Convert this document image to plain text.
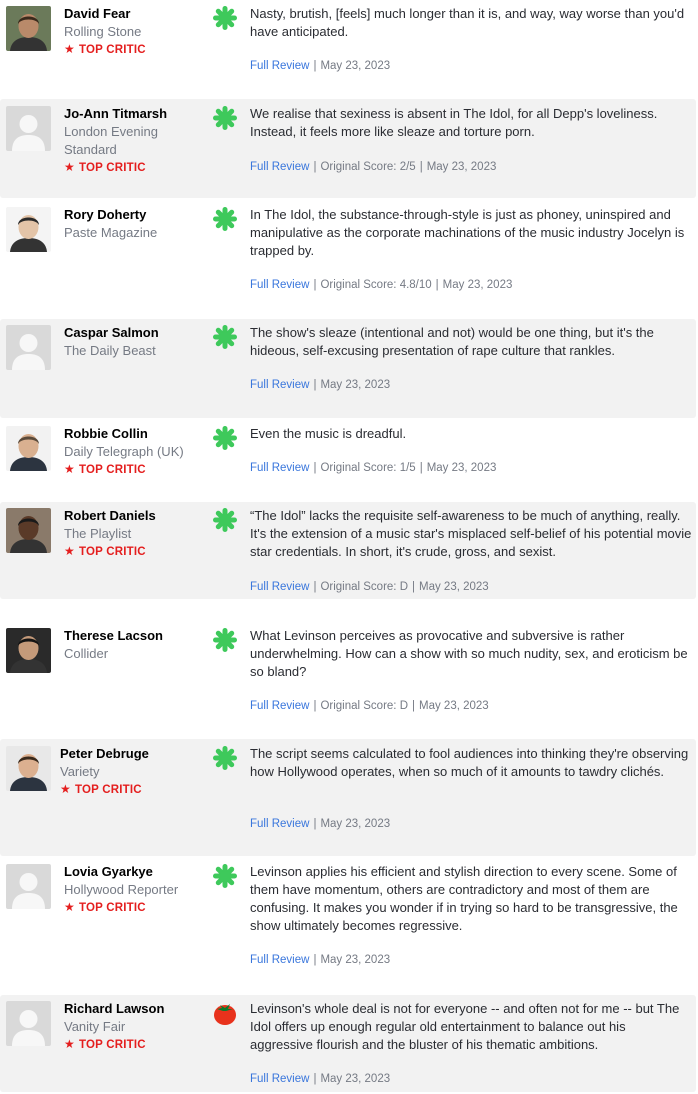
David Fear
Rolling Stone
★ TOP CRITIC
Nasty, brutish, [feels] much longer than it is, and way, way worse than you'd have anticipated.
Full Review | May 23, 2023
Jo-Ann Titmarsh
London Evening Standard
★ TOP CRITIC
We realise that sexiness is absent in The Idol, for all Depp's loveliness. Instead, it feels more like sleaze and torture porn.
Full Review | Original Score: 2/5 | May 23, 2023
Rory Doherty
Paste Magazine
In The Idol, the substance-through-style is just as phoney, uninspired and manipulative as the corporate machinations of the music industry Jocelyn is trapped by.
Full Review | Original Score: 4.8/10 | May 23, 2023
Caspar Salmon
The Daily Beast
The show's sleaze (intentional and not) would be one thing, but it's the hideous, self-excusing presentation of rape culture that rankles.
Full Review | May 23, 2023
Robbie Collin
Daily Telegraph (UK)
★ TOP CRITIC
Even the music is dreadful.
Full Review | Original Score: 1/5 | May 23, 2023
Robert Daniels
The Playlist
★ TOP CRITIC
“The Idol” lacks the requisite self-awareness to be much of anything, really. It's the extension of a music star's misplaced self-belief of his potential movie star credentials. In short, it's crude, gross, and sexist.
Full Review | Original Score: D | May 23, 2023
Therese Lacson
Collider
What Levinson perceives as provocative and subversive is rather underwhelming. How can a show with so much nudity, sex, and eroticism be so bland?
Full Review | Original Score: D | May 23, 2023
Peter Debruge
Variety
★ TOP CRITIC
The script seems calculated to fool audiences into thinking they're observing how Hollywood operates, when so much of it amounts to tawdry clichés.
Full Review | May 23, 2023
Lovia Gyarkye
Hollywood Reporter
★ TOP CRITIC
Levinson applies his efficient and stylish direction to every scene. Some of them have momentum, others are contradictory and most of them are confusing. It makes you wonder if in trying so hard to be transgressive, the show ultimately becomes regressive.
Full Review | May 23, 2023
Richard Lawson
Vanity Fair
★ TOP CRITIC
Levinson's whole deal is not for everyone -- and often not for me -- but The Idol offers up enough regular old entertainment to balance out his aggressive flourish and the bluster of his thematic ambitions.
Full Review | May 23, 2023
